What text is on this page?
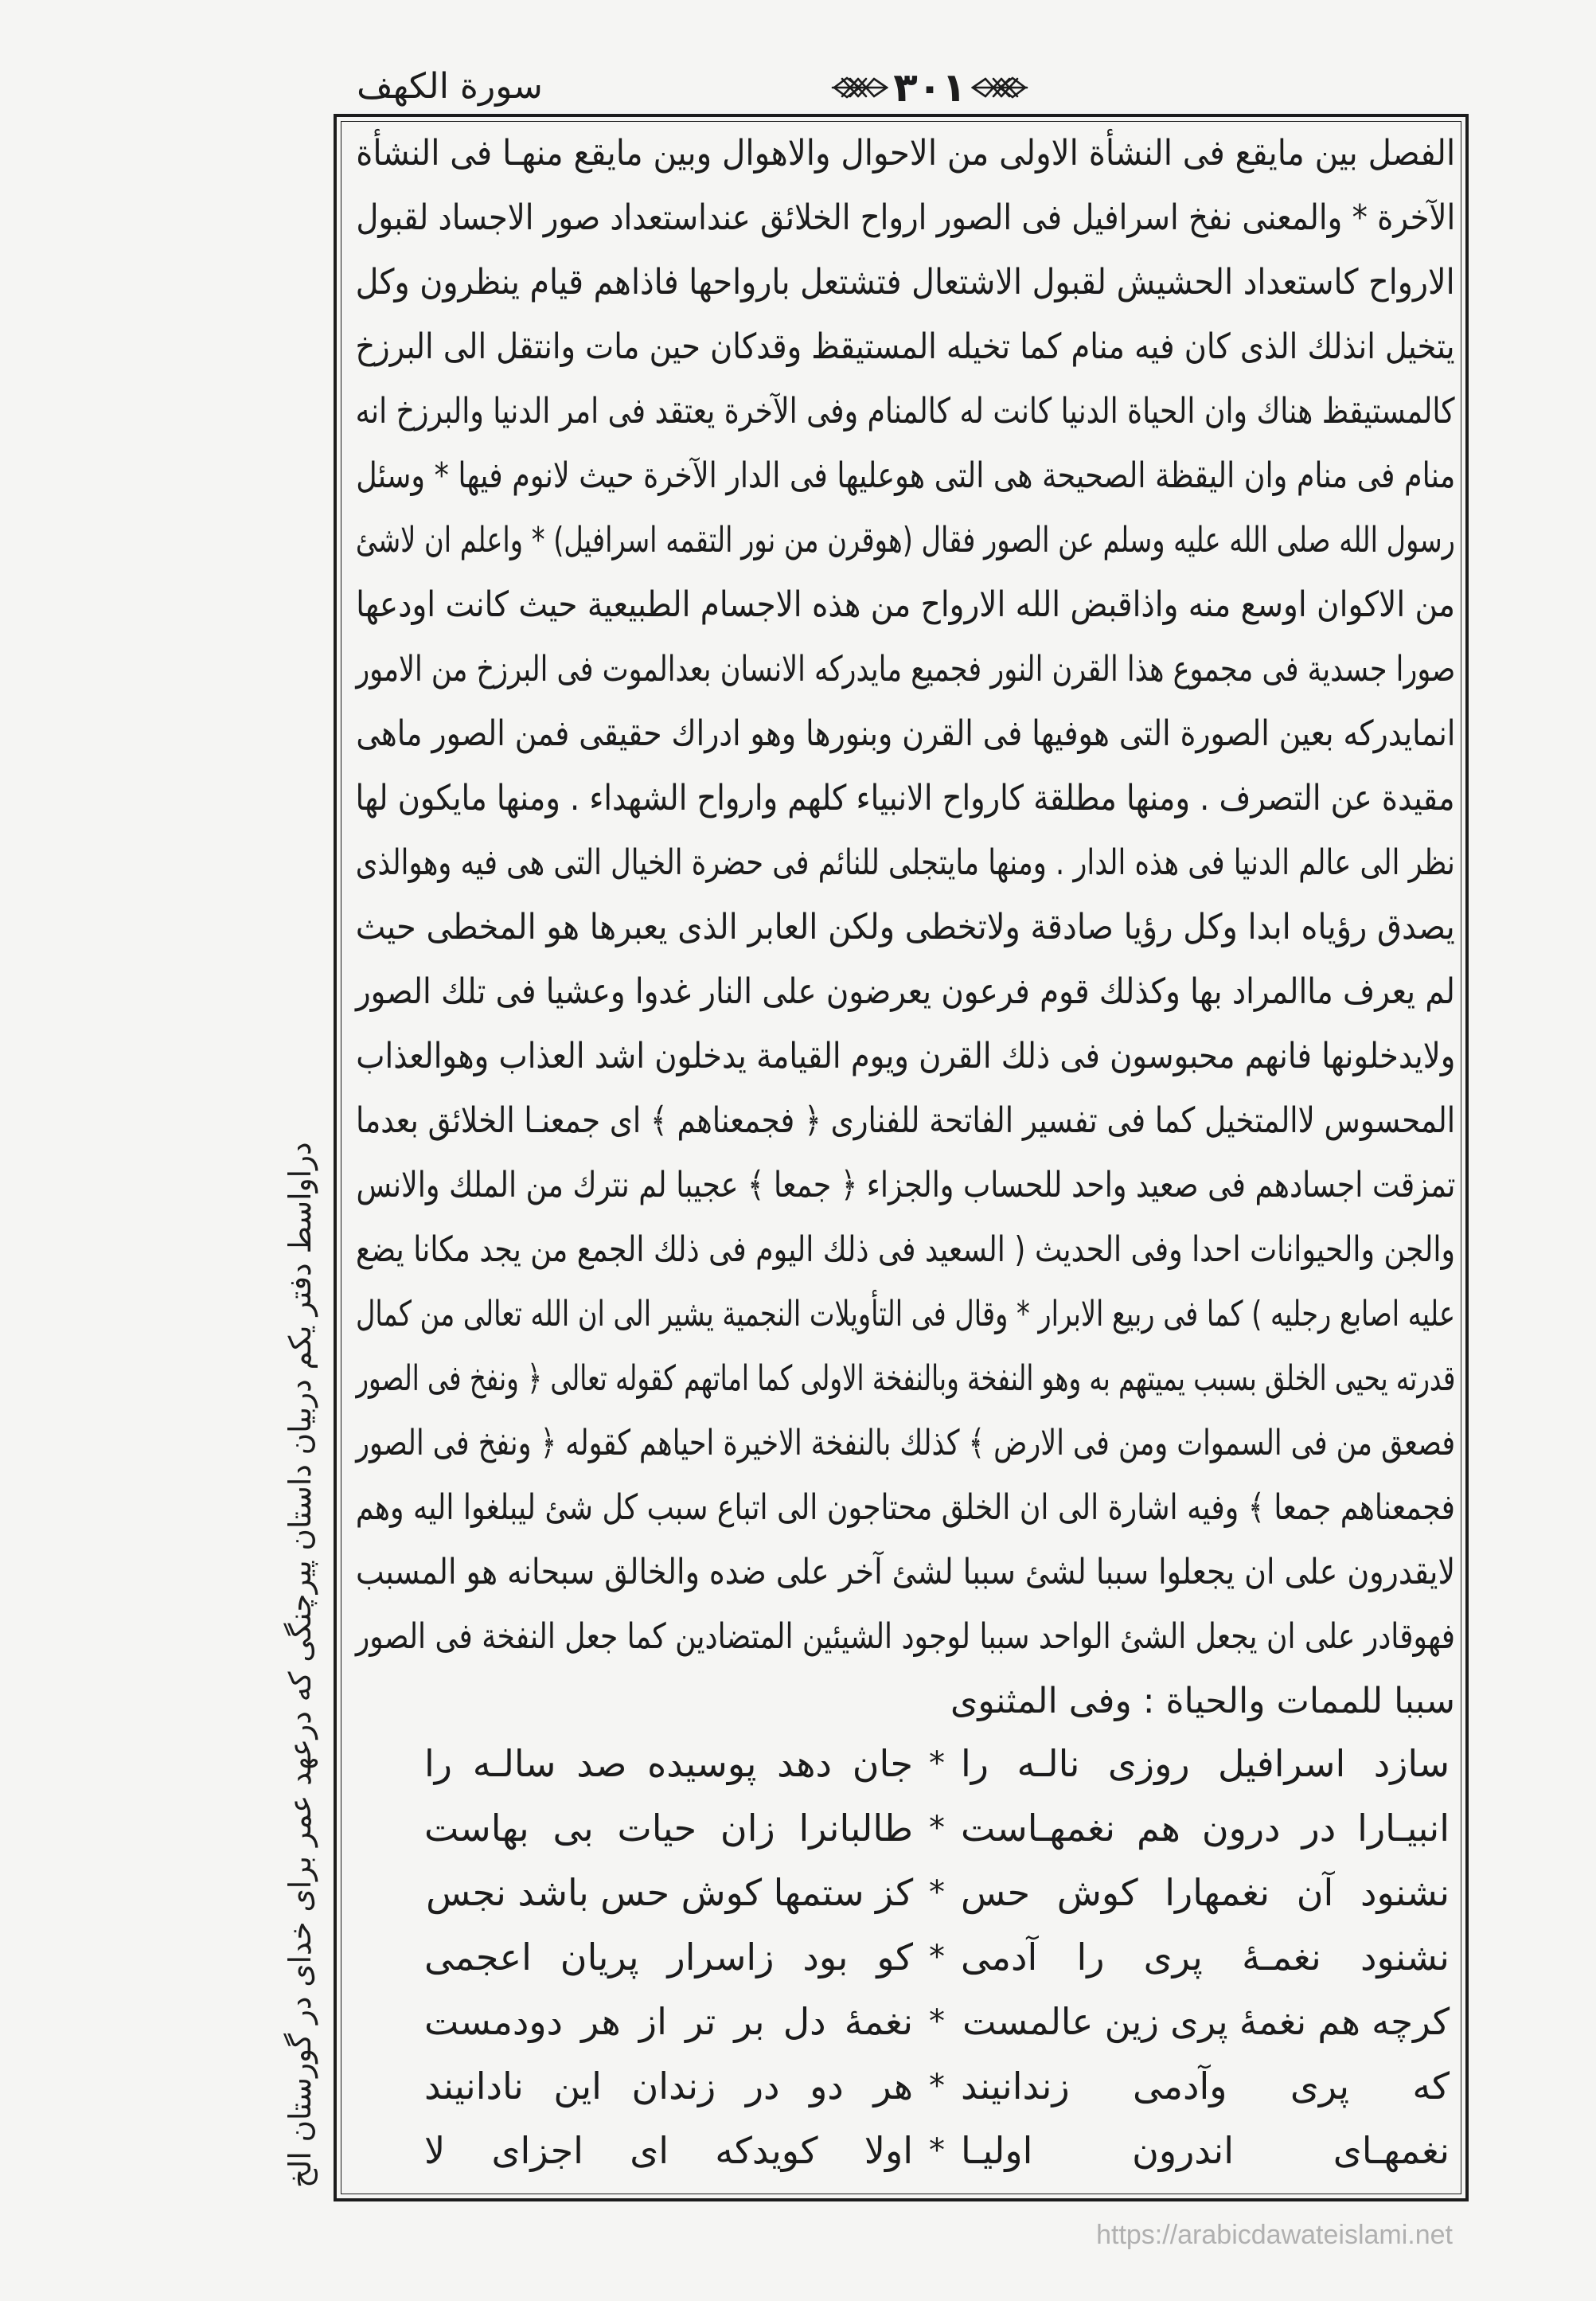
سورة الكهف	٣٠١
الفصل بين مايقع فى النشأة الاولى من الاحوال والاهوال وبين مايقع منهـا فى النشأة
الآخرة * والمعنى نفخ اسرافيل فى الصور ارواح الخلائق عنداستعداد صور الاجساد لقبول
الارواح كاستعداد الحشيش لقبول الاشتعال فتشتعل بارواحها فاذاهم قيام ينظرون وكل
يتخيل انذلك الذى كان فيه منام كما تخيله المستيقظ وقدكان حين مات وانتقل الى البرزخ
كالمستيقظ هناك وان الحياة الدنيا كانت له كالمنام وفى الآخرة يعتقد فى امر الدنيا والبرزخ انه
منام فى منام وان اليقظة الصحيحة هى التى هوعليها فى الدار الآخرة حيث لانوم فيها * وسئل
رسول الله صلى الله عليه وسلم عن الصور فقال (هوقرن من نور التقمه اسرافيل) * واعلم ان لاشئ
من الاكوان اوسع منه واذاقبض الله الارواح من هذه الاجسام الطبيعية حيث كانت اودعها
صورا جسدية فى مجموع هذا القرن النور فجميع مايدركه الانسان بعدالموت فى البرزخ من الامور
انمايدركه بعين الصورة التى هوفيها فى القرن وبنورها وهو ادراك حقيقى فمن الصور ماهى
مقيدة عن التصرف . ومنها مطلقة كارواح الانبياء كلهم وارواح الشهداء . ومنها مايكون لها
نظر الى عالم الدنيا فى هذه الدار . ومنها مايتجلى للنائم فى حضرة الخيال التى هى فيه وهوالذى
يصدق رؤياه ابدا وكل رؤيا صادقة ولاتخطى ولكن العابر الذى يعبرها هو المخطى حيث
لم يعرف ماالمراد بها وكذلك قوم فرعون يعرضون على النار غدوا وعشيا فى تلك الصور
ولايدخلونها فانهم محبوسون فى ذلك القرن ويوم القيامة يدخلون اشد العذاب وهوالعذاب
المحسوس لاالمتخيل كما فى تفسير الفاتحة للفنارى ﴿ فجمعناهم ﴾ اى جمعنـا الخلائق بعدما
تمزقت اجسادهم فى صعيد واحد للحساب والجزاء ﴿ جمعا ﴾ عجيبا لم نترك من الملك والانس
والجن والحيوانات احدا وفى الحديث ( السعيد فى ذلك اليوم فى ذلك الجمع من يجد مكانا يضع
عليه اصابع رجليه ) كما فى ربيع الابرار * وقال فى التأويلات النجمية يشير الى ان الله تعالى من كمال
قدرته يحيى الخلق بسبب يميتهم به وهو النفخة وبالنفخة الاولى كما اماتهم كقوله تعالى ﴿ ونفخ فى الصور
فصعق من فى السموات ومن فى الارض ﴾ كذلك بالنفخة الاخيرة احياهم كقوله ﴿ ونفخ فى الصور
فجمعناهم جمعا ﴾ وفيه اشارة الى ان الخلق محتاجون الى اتباع سبب كل شئ ليبلغوا اليه وهم
لايقدرون على ان يجعلوا سببا لشئ سببا لشئ آخر على ضده والخالق سبحانه هو المسبب
فهوقادر على ان يجعل الشئ الواحد سببا لوجود الشيئين المتضادين كما جعل النفخة فى الصور
سببا للممات والحياة : وفى المثنوى
سازد اسرافيل روزى نالـه را
*
جان دهد پوسيده صد سالـه را
انبيـارا در درون هم نغمهـاست
*
طالبانرا زان حيات بى بهاست
نشنود آن نغمهارا كوش حس
*
كز ستمها كوش حس باشد نجس
نشنود نغمـهٔ پرى را آدمى
*
كو بود زاسرار پريان اعجمى
كرچه هم نغمهٔ پرى زين عالمست
*
نغمهٔ دل بر تر از هر دودمست
كه پرى وآدمى زندانيند
*
هر دو در زندان اين نادانيند
نغمهـاى اندرون اوليـا
*
اولا كويدكه اى اجزاى لا
دراواسط دفتر يكم دربيان داستان پيرچنگى كه درعهد عمر براى خداى در گورستان الخ
https://arabicdawateislami.net
